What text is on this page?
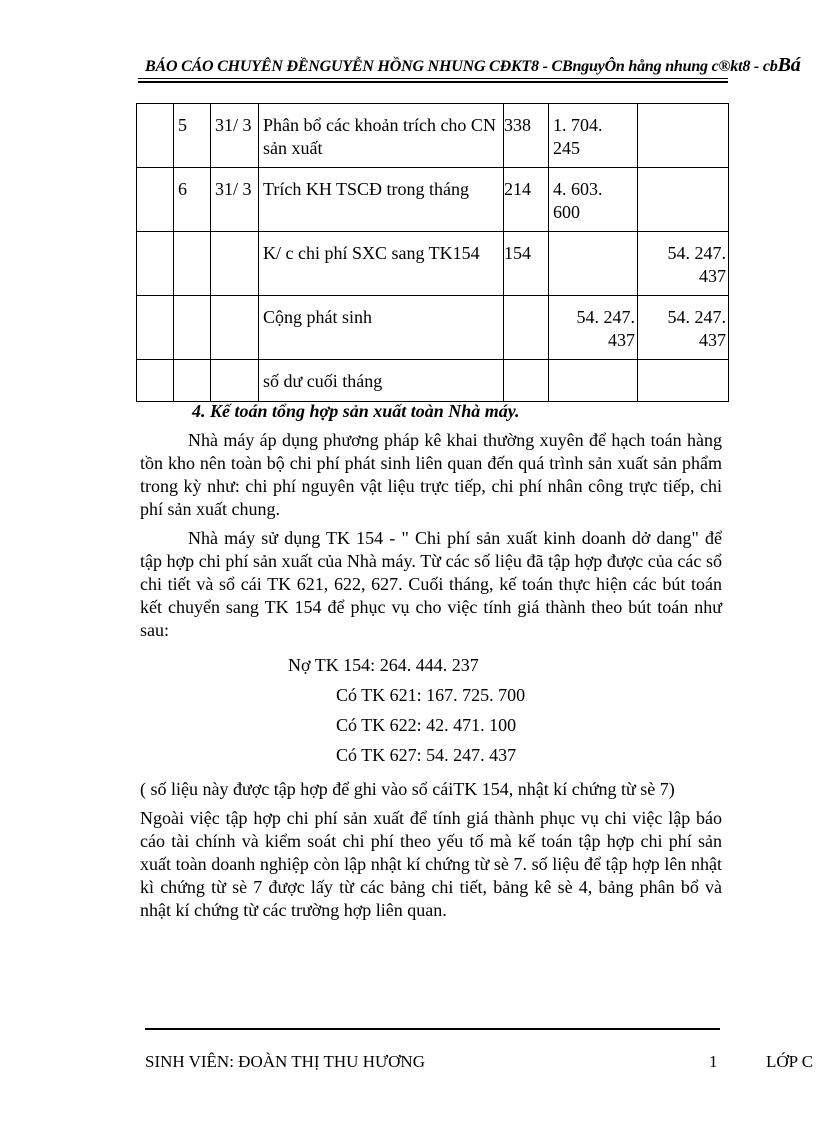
BÁO CÁO CHUYÊN ĐỀNGUYỄN HỒNG NHUNG CĐKT8 - CBnguyÔn hång nhung c®kt8 - cbBá
	5	31/ 3	Phân bổ các khoản trích cho CN sản xuất	338	1. 704. 245	
	6	31/ 3	Trích KH TSCĐ trong tháng	214	4. 603. 600	
			K/ c chi phí SXC sang TK154	154		54. 247. 437
			Cộng phát sinh		54. 247. 437	54. 247. 437
			số dư cuối tháng			
4. Kế toán tổng hợp sản xuất toàn Nhà máy.

Nhà máy áp dụng phương pháp kê khai thường xuyên để hạch toán hàng tồn kho nên toàn bộ chi phí phát sinh liên quan đến quá trình sản xuất sản phẩm trong kỳ như: chi phí nguyên vật liệu trực tiếp, chi phí nhân công trực tiếp, chi phí sản xuất chung.

Nhà máy sử dụng TK 154 - " Chi phí sản xuất kinh doanh dở dang" để tập hợp chi phí sản xuất của Nhà máy. Từ các số liệu đã tập hợp được của các sổ chi tiết và sổ cái TK 621, 622, 627. Cuối tháng, kế toán thực hiện các bút toán kết chuyển sang TK 154 để phục vụ cho việc tính giá thành theo bút toán như sau:

Nợ TK 154: 264. 444. 237
Có TK 621: 167. 725. 700
Có TK 622: 42. 471. 100
Có TK 627: 54. 247. 437

( số liệu này được tập hợp để ghi vào sổ cáiTK 154, nhật kí chứng từ sè 7)

Ngoài việc tập hợp chi phí sản xuất để tính giá thành phục vụ chi việc lập báo cáo tài chính và kiểm soát chi phí theo yếu tố mà kế toán tập hợp chi phí sản xuất toàn doanh nghiệp còn lập nhật kí chứng từ sè 7. số liệu để tập hợp lên nhật kì chứng từ sè 7 được lấy từ các bảng chi tiết, bảng kê sè 4, bảng phân bổ và nhật kí chứng từ các trường hợp liên quan.

SINH VIÊN: ĐOÀN THỊ THU HƯƠNG	1	LỚP C
